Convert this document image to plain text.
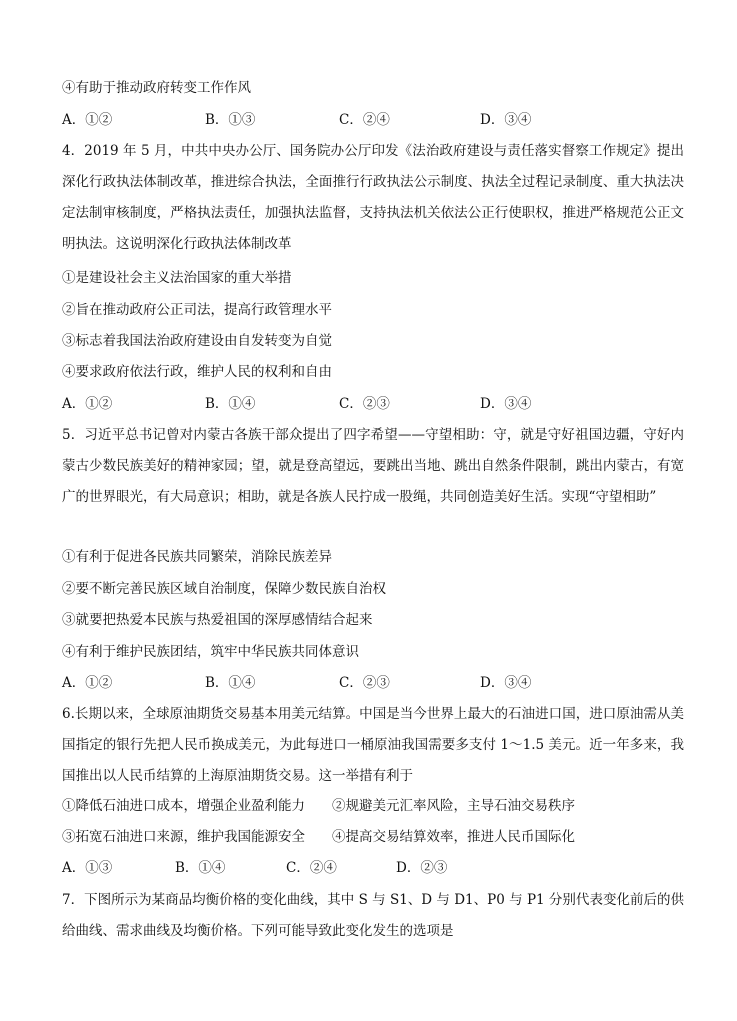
④有助于推动政府转变工作作风
A．①②	B．①③	C．②④	D．③④
4．2019 年 5 月，中共中央办公厅、国务院办公厅印发《法治政府建设与责任落实督察工作规定》提出深化行政执法体制改革，推进综合执法，全面推行行政执法公示制度、执法全过程记录制度、重大执法决定法制审核制度，严格执法责任，加强执法监督，支持执法机关依法公正行使职权，推进严格规范公正文明执法。这说明深化行政执法体制改革
①是建设社会主义法治国家的重大举措
②旨在推动政府公正司法，提高行政管理水平
③标志着我国法治政府建设由自发转变为自觉
④要求政府依法行政，维护人民的权利和自由
A．①②	B．①④	C．②③	D．③④
5．习近平总书记曾对内蒙古各族干部众提出了四字希望——守望相助：守，就是守好祖国边疆，守好内蒙古少数民族美好的精神家园；望，就是登高望远，要跳出当地、跳出自然条件限制，跳出内蒙古，有宽广的世界眼光，有大局意识；相助，就是各族人民拧成一股绳，共同创造美好生活。实现“守望相助”
①有利于促进各民族共同繁荣，消除民族差异
②要不断完善民族区域自治制度，保障少数民族自治权
③就要把热爱本民族与热爱祖国的深厚感情结合起来
④有利于维护民族团结，筑牢中华民族共同体意识
A．①②	B．①④	C．②③	D．③④
6.长期以来，全球原油期货交易基本用美元结算。中国是当今世界上最大的石油进口国，进口原油需从美国指定的银行先把人民币换成美元，为此每进口一桶原油我国需要多支付 1～1.5 美元。近一年多来，我国推出以人民币结算的上海原油期货交易。这一举措有利于
①降低石油进口成本，增强企业盈利能力 ②规避美元汇率风险，主导石油交易秩序
③拓宽石油进口来源，维护我国能源安全 ④提高交易结算效率，推进人民币国际化
A．①③	B．①④	C．②④	D．②③
7．下图所示为某商品均衡价格的变化曲线，其中 S 与 S1、D 与 D1、P0 与 P1 分别代表变化前后的供给曲线、需求曲线及均衡价格。下列可能导致此变化发生的选项是
